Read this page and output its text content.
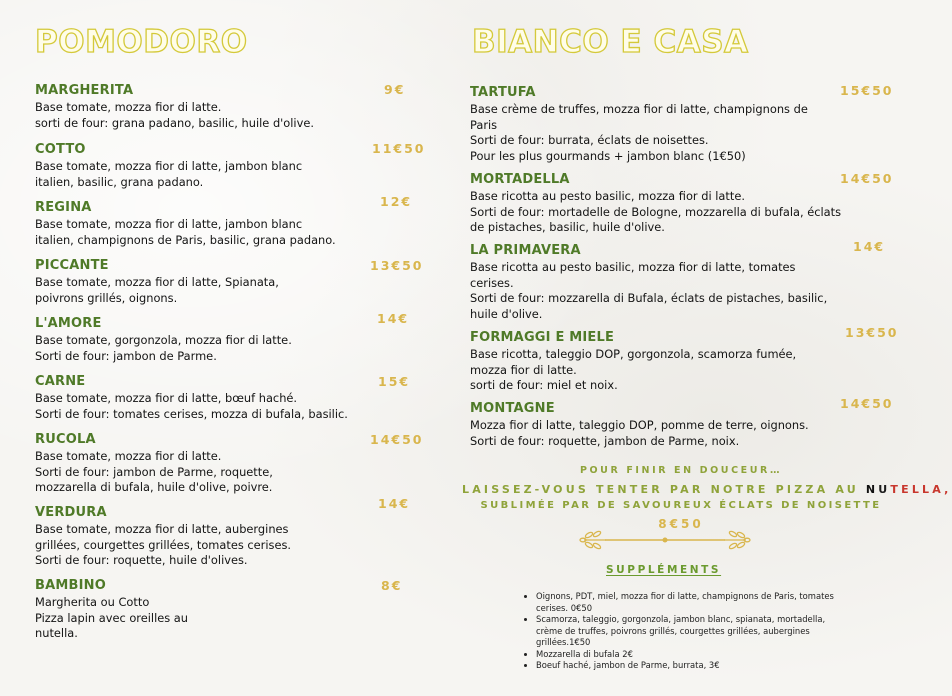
POMODORO
MARGHERITA
Base tomate, mozza fior di latte.
sorti de four: grana padano, basilic, huile d'olive.
9€
COTTO
Base tomate, mozza fior di latte, jambon blanc
italien, basilic, grana padano.
11€50
REGINA
Base tomate, mozza fior di latte, jambon blanc
italien, champignons de Paris, basilic, grana padano.
12€
PICCANTE
Base tomate, mozza fior di latte, Spianata,
poivrons grillés, oignons.
13€50
L'AMORE
Base tomate, gorgonzola, mozza fior di latte.
Sorti de four: jambon de Parme.
14€
CARNE
Base tomate, mozza fior di latte, bœuf haché.
Sorti de four: tomates cerises, mozza di bufala, basilic.
15€
RUCOLA
Base tomate, mozza fior di latte.
Sorti de four: jambon de Parme, roquette,
mozzarella di bufala, huile d'olive, poivre.
14€50
VERDURA
Base tomate, mozza fior di latte, aubergines
grillées, courgettes grillées, tomates cerises.
Sorti de four: roquette, huile d'olives.
14€
BAMBINO
Margherita ou Cotto
Pizza lapin avec oreilles au
nutella.
8€
BIANCO E CASA
TARTUFA
Base crème de truffes, mozza fior di latte, champignons de
Paris
Sorti de four: burrata, éclats de noisettes.
Pour les plus gourmands + jambon blanc (1€50)
15€50
MORTADELLA
Base ricotta au pesto basilic, mozza fior di latte.
Sorti de four: mortadelle de Bologne, mozzarella di bufala, éclats
de pistaches, basilic, huile d'olive.
14€50
LA PRIMAVERA
Base ricotta au pesto basilic, mozza fior di latte, tomates
cerises.
Sorti de four: mozzarella di Bufala, éclats de pistaches, basilic,
huile d'olive.
14€
FORMAGGI E MIELE
Base ricotta, taleggio DOP, gorgonzola, scamorza fumée,
mozza fior di latte.
sorti de four: miel et noix.
13€50
MONTAGNE
Mozza fior di latte, taleggio DOP, pomme de terre, oignons.
Sorti de four: roquette, jambon de Parme, noix.
14€50
POUR FINIR EN DOUCEUR…
LAISSEZ-VOUS TENTER PAR NOTRE PIZZA AU NUTELLA,
SUBLIMÉE PAR DE SAVOUREUX ÉCLATS DE NOISETTE
8€50
SUPPLÉMENTS
• Oignons, PDT, miel, mozza fior di latte, champignons de Paris, tomates cerises. 0€50
• Scamorza, taleggio, gorgonzola, jambon blanc, spianata, mortadella, crème de truffes, poivrons grillés, courgettes grillées, aubergines grillées.1€50
• Mozzarella di bufala 2€
• Boeuf haché, jambon de Parme, burrata, 3€
